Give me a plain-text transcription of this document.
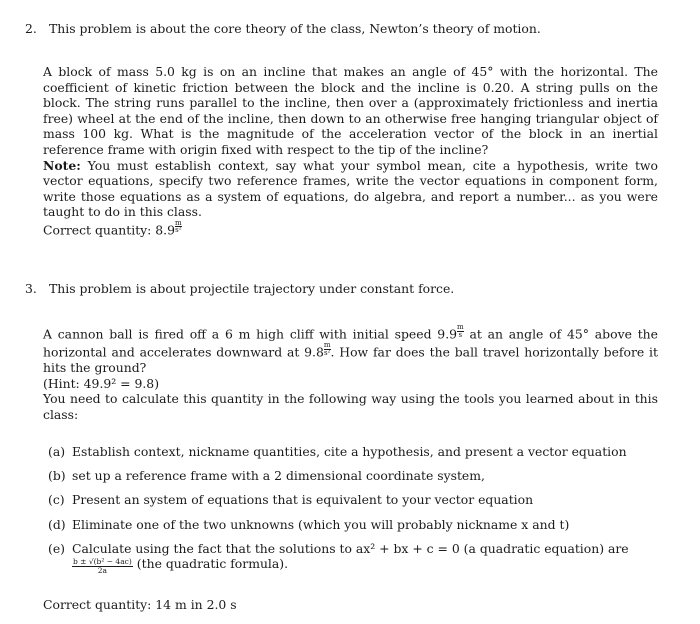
2. This problem is about the core theory of the class, Newton’s theory of motion.

A block of mass 5.0 kg is on an incline that makes an angle of 45° with the horizontal. The coefficient of kinetic friction between the block and the incline is 0.20. A string pulls on the block. The string runs parallel to the incline, then over a (approximately frictionless and inertia free) wheel at the end of the incline, then down to an otherwise free hanging triangular object of mass 100 kg. What is the magnitude of the acceleration vector of the block in an inertial reference frame with origin fixed with respect to the tip of the incline?

Note: You must establish context, say what your symbol mean, cite a hypothesis, write two vector equations, specify two reference frames, write the vector equations in component form, write those equations as a system of equations, do algebra, and report a number... as you were taught to do in this class.

Correct quantity: $8.9 \frac{m}{\text{s²}}$

3. This problem is about projectile trajectory under constant force.

A cannon ball is fired off a 6 m high cliff with initial speed $9.9 \frac{m}{s}$ at an angle of 45° above the horizontal and accelerates downward at $9.8 \frac{m}{\text{s²}}$ . How far does the ball travel horizontally before it hits the ground?

(Hint: 49.9² = 9.8)

You need to calculate this quantity in the following way using the tools you learned about in this class:

(a) Establish context, nickname quantities, cite a hypothesis, and present a vector equation
(b) set up a reference frame with a 2 dimensional coordinate system,
(c) Present an system of equations that is equivalent to your vector equation
(d) Eliminate one of the two unknowns (which you will probably nickname x and t)
(e) Calculate using the fact that the solutions to ax² + bx + c = 0 (a quadratic equation) are

$\frac{\text{b ± √(b² − 4ac)}}{2a} (the$ quadratic formula).

Correct quantity: 14 m in 2.0 s
